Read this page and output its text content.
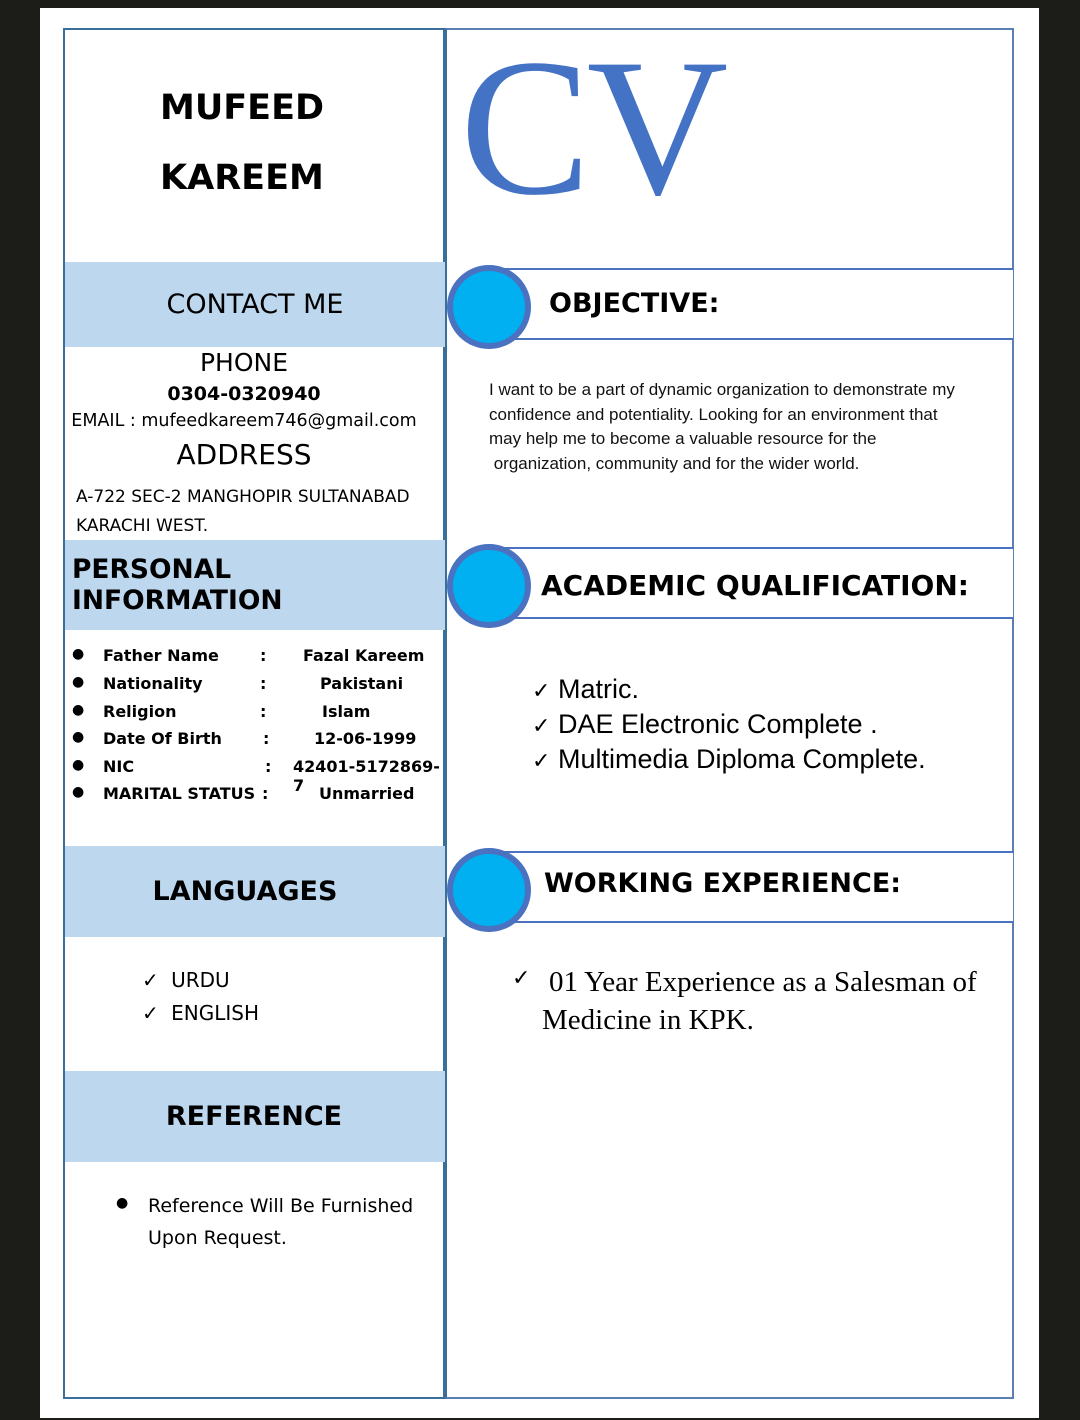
MUFEED
KAREEM CV
CONTACT ME
PHONE
0304-0320940
EMAIL : mufeedkareem746@gmail.com
ADDRESS
A-722 SEC-2 MANGHOPIR SULTANABAD
KARACHI WEST.
PERSONAL INFORMATION
● Father Name	: Fazal Kareem
● Nationality	:	Pakistani
● Religion	:	Islam
● Date Of Birth	:	12-06-1999
● NIC	: 42401-5172869-7
● MARITAL STATUS :	Unmarried
LANGUAGES
✓ URDU
✓ ENGLISH
REFERENCE
● Reference Will Be Furnished
Upon Request.
OBJECTIVE:
I want to be a part of dynamic organization to demonstrate my
confidence and potentiality. Looking for an environment that
may help me to become a valuable resource for the
organization, community and for the wider world.
ACADEMIC QUALIFICATION:
✓ Matric.
✓ DAE Electronic Complete .
✓ Multimedia Diploma Complete.
WORKING EXPERIENCE:
✓ 01 Year Experience as a Salesman of
Medicine in KPK.
